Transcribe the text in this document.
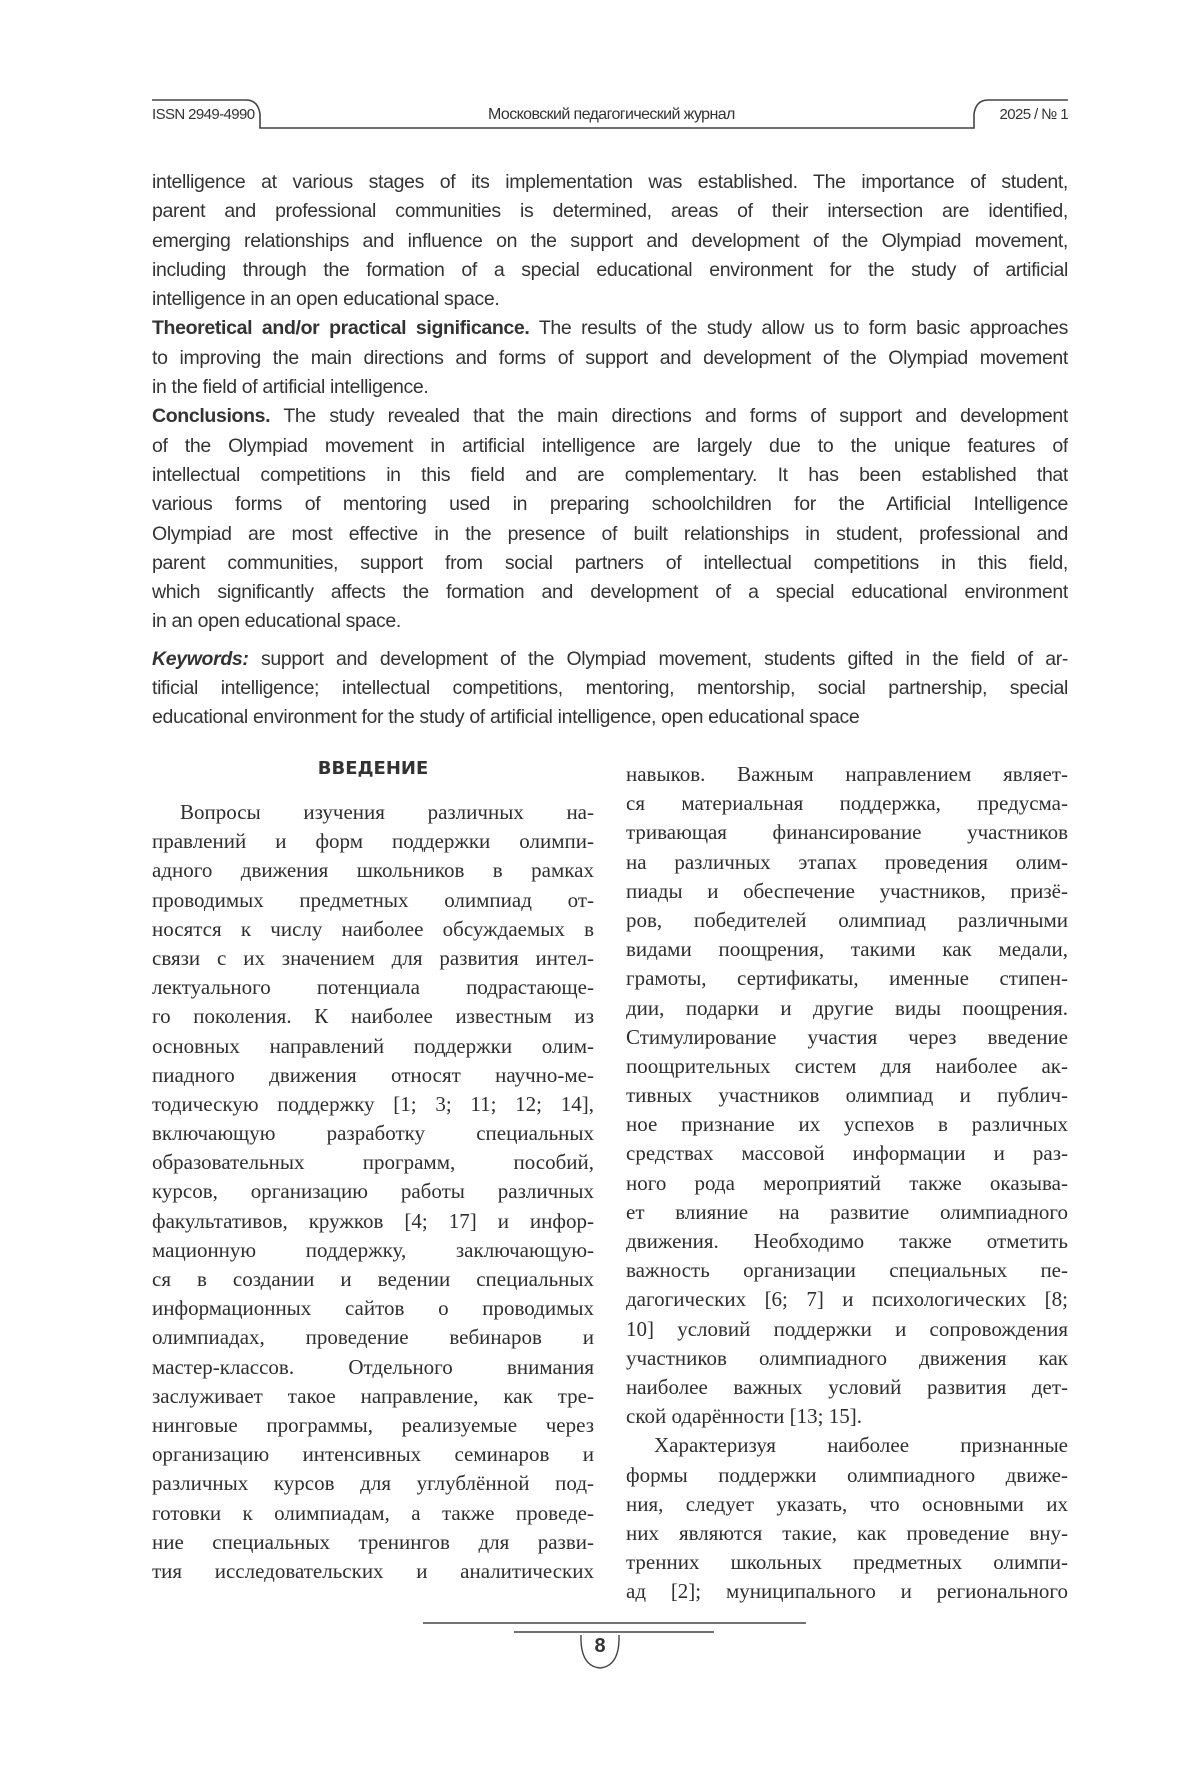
ISSN 2949-4990	Московский педагогический журнал	2025 / № 1
intelligence at various stages of its implementation was established. The importance of student,
parent and professional communities is determined, areas of their intersection are identified,
emerging relationships and influence on the support and development of the Olympiad movement,
including through the formation of a special educational environment for the study of artificial
intelligence in an open educational space.
Theoretical and/or practical significance. The results of the study allow us to form basic approaches
to improving the main directions and forms of support and development of the Olympiad movement
in the field of artificial intelligence.
Conclusions. The study revealed that the main directions and forms of support and development
of the Olympiad movement in artificial intelligence are largely due to the unique features of
intellectual competitions in this field and are complementary. It has been established that
various forms of mentoring used in preparing schoolchildren for the Artificial Intelligence
Olympiad are most effective in the presence of built relationships in student, professional and
parent communities, support from social partners of intellectual competitions in this field,
which significantly affects the formation and development of a special educational environment
in an open educational space.
Keywords: support and development of the Olympiad movement, students gifted in the field of ar-
tificial intelligence; intellectual competitions, mentoring, mentorship, social partnership, special
educational environment for the study of artificial intelligence, open educational space
ВВЕДЕНИЕ
Вопросы изучения различных на-
правлений и форм поддержки олимпи-
адного движения школьников в рамках
проводимых предметных олимпиад от-
носятся к числу наиболее обсуждаемых в
связи с их значением для развития интел-
лектуального потенциала подрастающе-
го поколения. К наиболее известным из
основных направлений поддержки олим-
пиадного движения относят научно-ме-
тодическую поддержку [1; 3; 11; 12; 14],
включающую разработку специальных
образовательных программ, пособий,
курсов, организацию работы различных
факультативов, кружков [4; 17] и инфор-
мационную поддержку, заключающую-
ся в создании и ведении специальных
информационных сайтов о проводимых
олимпиадах, проведение вебинаров и
мастер-классов. Отдельного внимания
заслуживает такое направление, как тре-
нинговые программы, реализуемые через
организацию интенсивных семинаров и
различных курсов для углублённой под-
готовки к олимпиадам, а также проведе-
ние специальных тренингов для разви-
тия исследовательских и аналитических
навыков. Важным направлением являет-
ся материальная поддержка, предусма-
тривающая финансирование участников
на различных этапах проведения олим-
пиады и обеспечение участников, призё-
ров, победителей олимпиад различными
видами поощрения, такими как медали,
грамоты, сертификаты, именные стипен-
дии, подарки и другие виды поощрения.
Стимулирование участия через введение
поощрительных систем для наиболее ак-
тивных участников олимпиад и публич-
ное признание их успехов в различных
средствах массовой информации и раз-
ного рода мероприятий также оказыва-
ет влияние на развитие олимпиадного
движения. Необходимо также отметить
важность организации специальных пе-
дагогических [6; 7] и психологических [8;
10] условий поддержки и сопровождения
участников олимпиадного движения как
наиболее важных условий развития дет-
ской одарённости [13; 15].
Характеризуя наиболее признанные
формы поддержки олимпиадного движе-
ния, следует указать, что основными их
них являются такие, как проведение вну-
тренних школьных предметных олимпи-
ад [2]; муниципального и регионального
8
